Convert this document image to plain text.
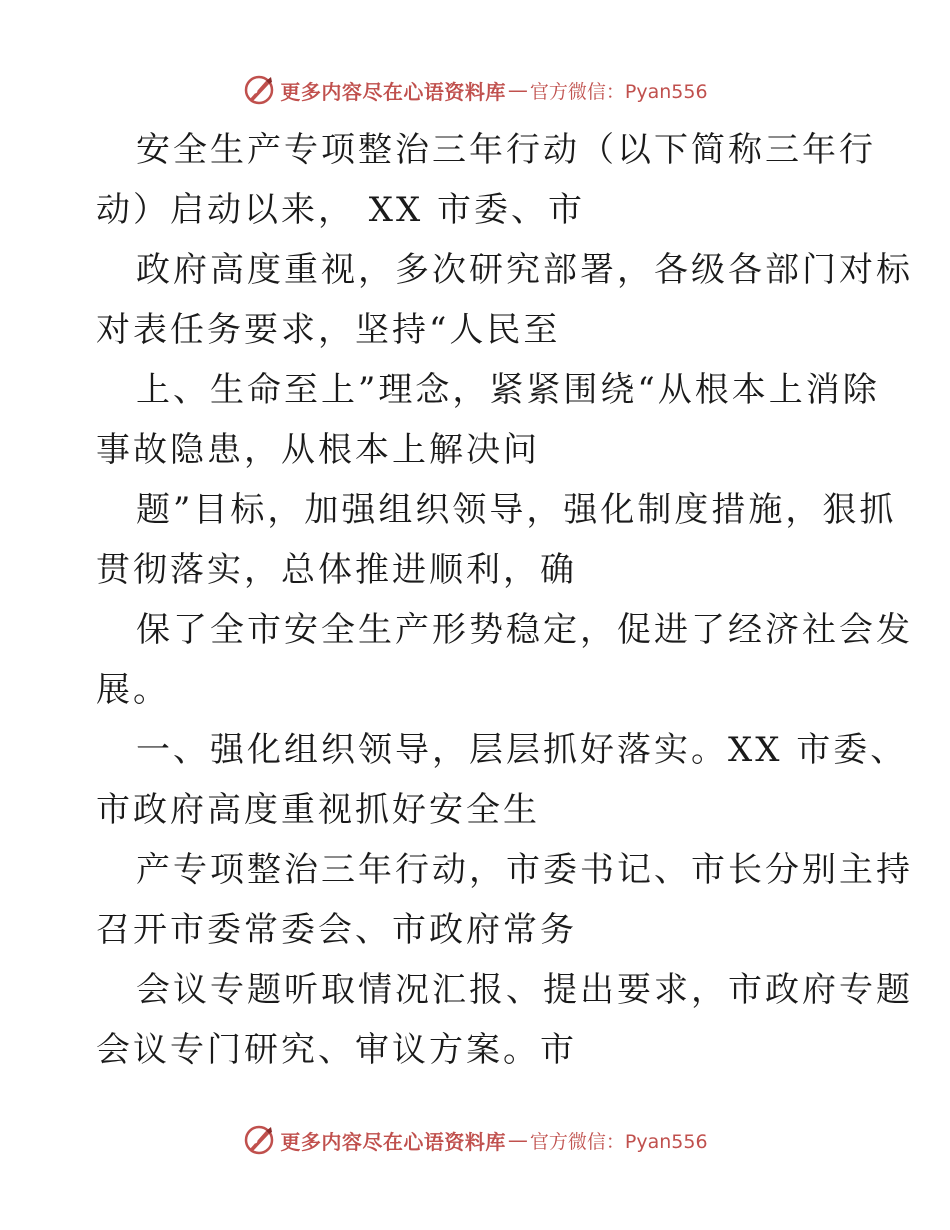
更多内容尽在心语资料库 — 官方微信：Pyan556
安全生产专项整治三年行动（以下简称三年行
动）启动以来， XX 市委、市
政府高度重视，多次研究部署，各级各部门对标
对表任务要求，坚持“人民至
上、生命至上”理念，紧紧围绕“从根本上消除
事故隐患，从根本上解决问
题”目标，加强组织领导，强化制度措施，狠抓
贯彻落实，总体推进顺利，确
保了全市安全生产形势稳定，促进了经济社会发
展。
一、强化组织领导，层层抓好落实。XX 市委、
市政府高度重视抓好安全生
产专项整治三年行动，市委书记、市长分别主持
召开市委常委会、市政府常务
会议专题听取情况汇报、提出要求，市政府专题
会议专门研究、审议方案。市
更多内容尽在心语资料库 — 官方微信：Pyan556
